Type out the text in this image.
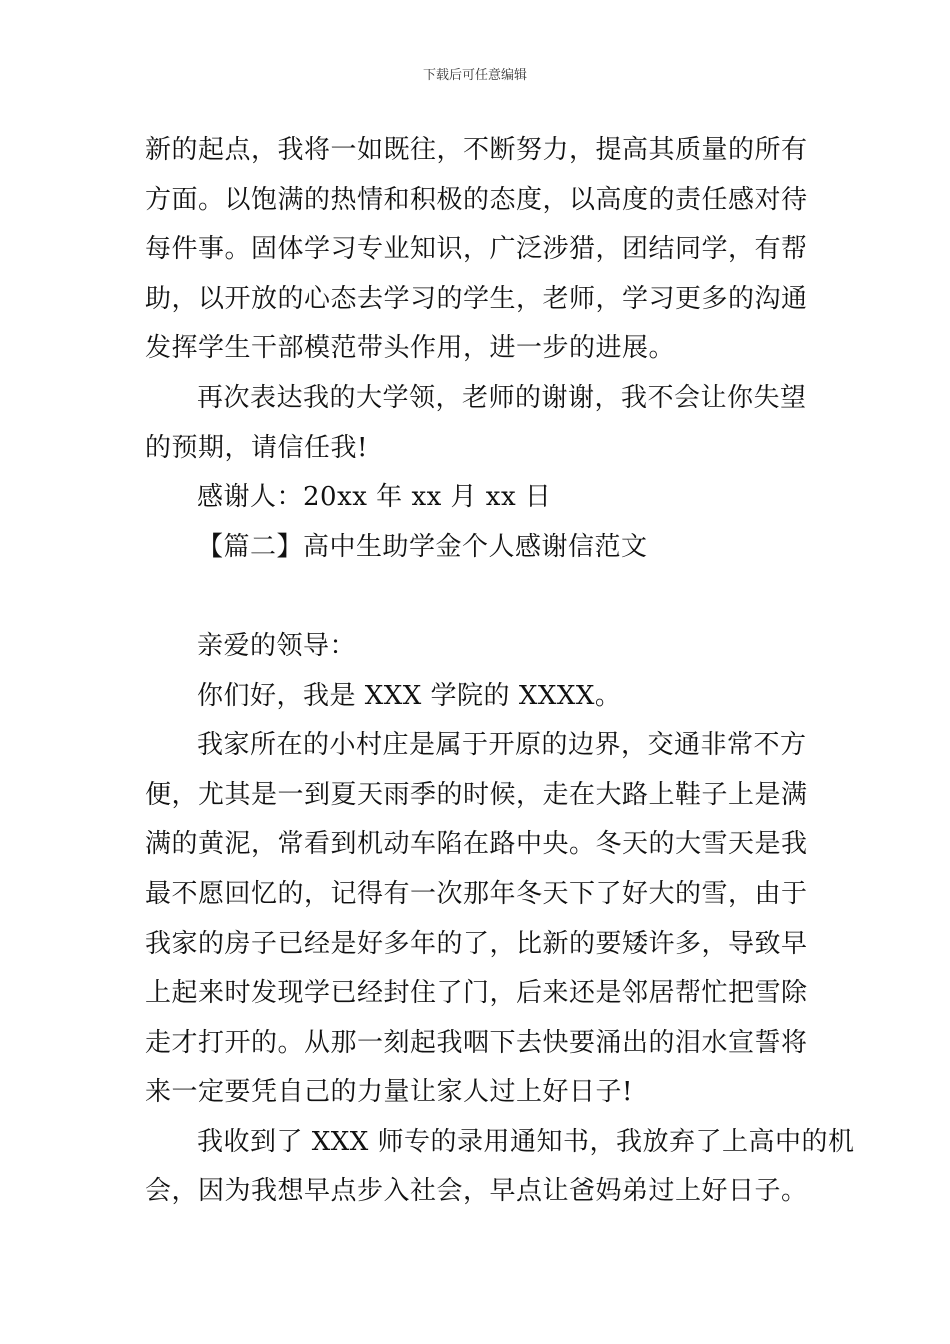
下载后可任意编辑
新的起点，我将一如既往，不断努力，提高其质量的所有
方面。以饱满的热情和积极的态度，以高度的责任感对待
每件事。固体学习专业知识，广泛涉猎，团结同学，有帮
助，以开放的心态去学习的学生，老师，学习更多的沟通
发挥学生干部模范带头作用，进一步的进展。
再次表达我的大学领，老师的谢谢，我不会让你失望
的预期，请信任我!
感谢人：20xx 年 xx 月 xx 日
【篇二】高中生助学金个人感谢信范文
亲爱的领导：
你们好，我是 XXX 学院的 XXXX。
我家所在的小村庄是属于开原的边界，交通非常不方
便，尤其是一到夏天雨季的时候，走在大路上鞋子上是满
满的黄泥，常看到机动车陷在路中央。冬天的大雪天是我
最不愿回忆的，记得有一次那年冬天下了好大的雪，由于
我家的房子已经是好多年的了，比新的要矮许多，导致早
上起来时发现学已经封住了门，后来还是邻居帮忙把雪除
走才打开的。从那一刻起我咽下去快要涌出的泪水宣誓将
来一定要凭自己的力量让家人过上好日子!
我收到了 XXX 师专的录用通知书，我放弃了上高中的机
会，因为我想早点步入社会，早点让爸妈弟过上好日子。
